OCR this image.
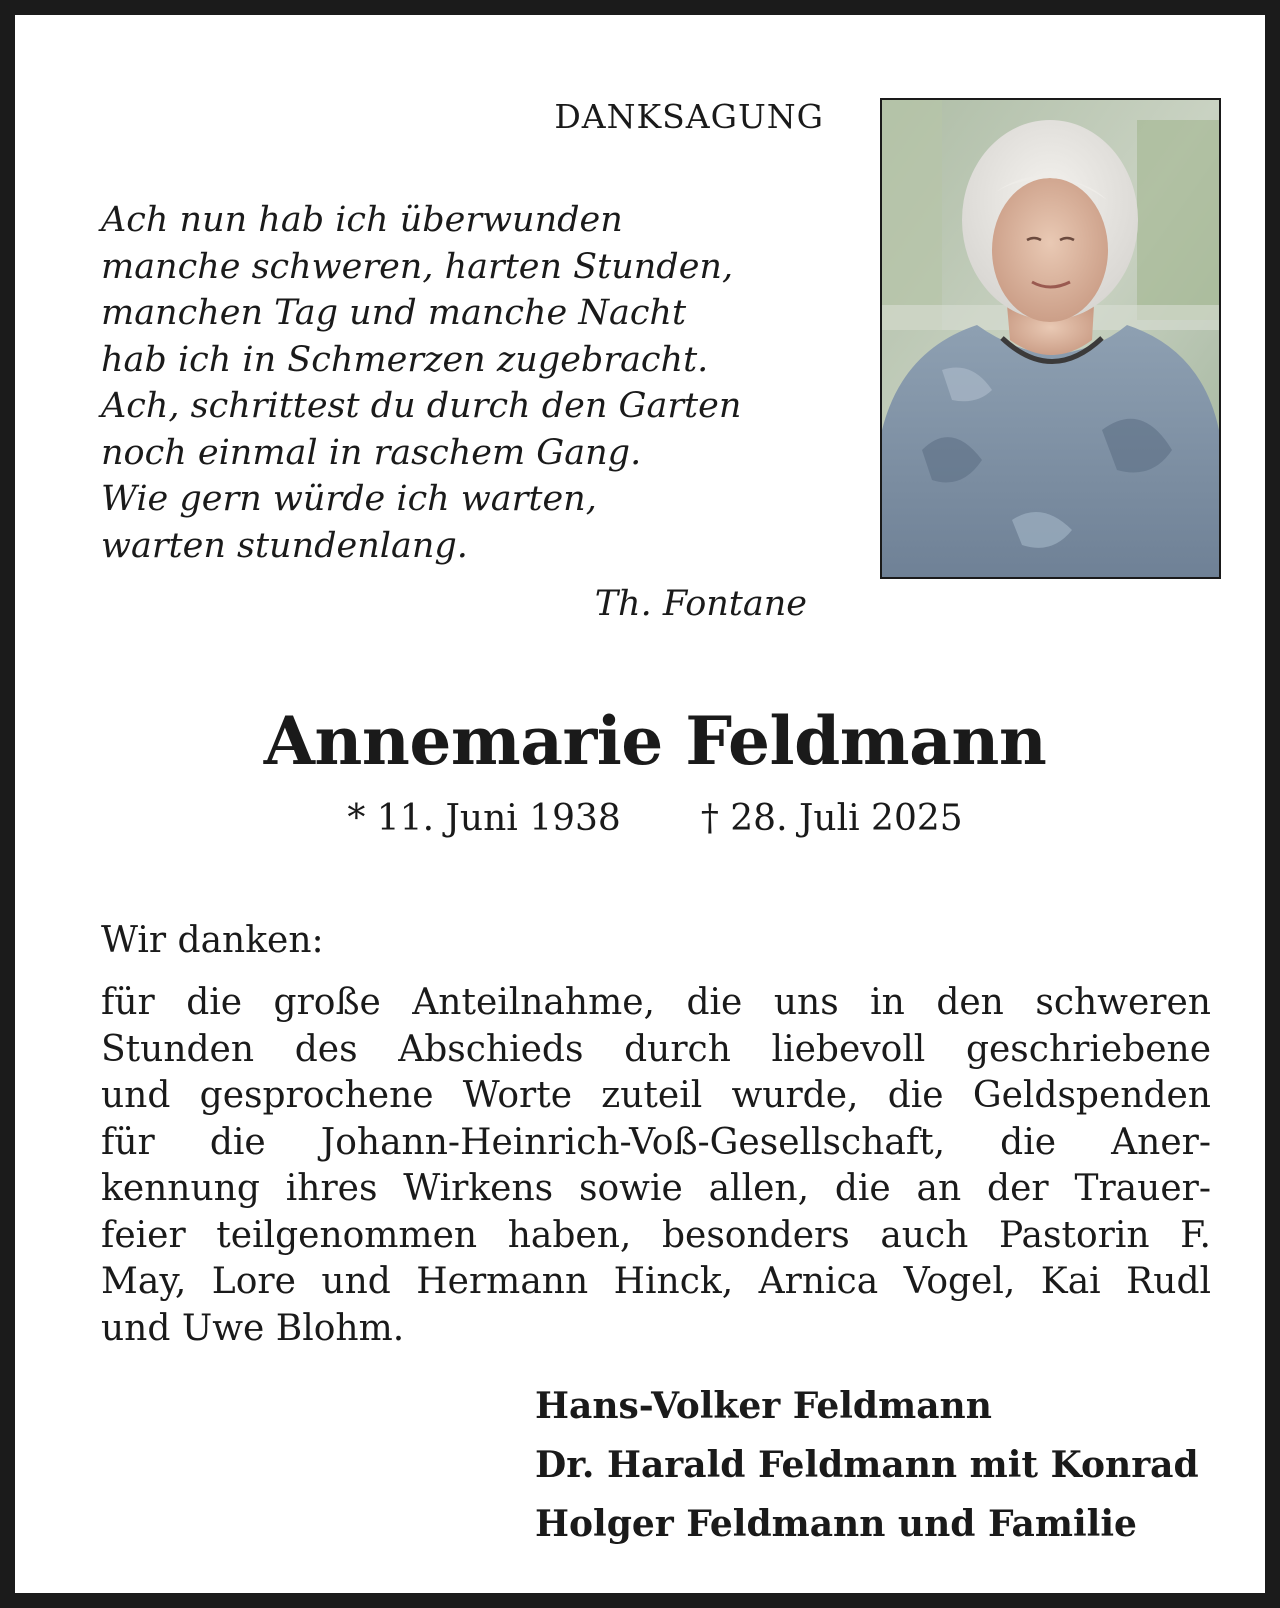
DANKSAGUNG
Ach nun hab ich überwunden
manche schweren, harten Stunden,
manchen Tag und manche Nacht
hab ich in Schmerzen zugebracht.
Ach, schrittest du durch den Garten
noch einmal in raschem Gang.
Wie gern würde ich warten,
warten stundenlang.
Th. Fontane
Annemarie Feldmann
* 11. Juni 1938 † 28. Juli 2025
Wir danken:
für die große Anteilnahme, die uns in den schweren
Stunden des Abschieds durch liebevoll geschriebene
und gesprochene Worte zuteil wurde, die Geldspenden
für die Johann-Heinrich-Voß-Gesellschaft, die Aner-
kennung ihres Wirkens sowie allen, die an der Trauer-
feier teilgenommen haben, besonders auch Pastorin F.
May, Lore und Hermann Hinck, Arnica Vogel, Kai Rudl
und Uwe Blohm.
Hans-Volker Feldmann
Dr. Harald Feldmann mit Konrad
Holger Feldmann und Familie
